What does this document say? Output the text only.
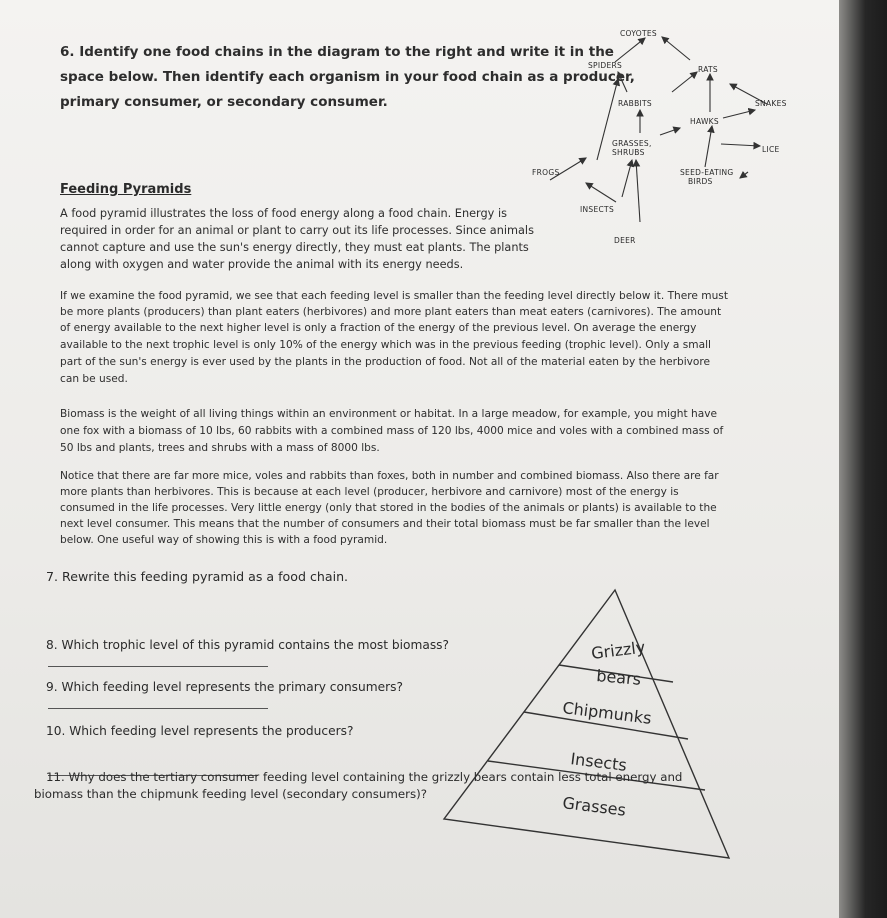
6. Identify one food chains in the diagram to the right and write it in the

space below. Then identify each organism in your food chain as a producer,

primary consumer, or secondary consumer.

COYOTES
SPIDERS	RATS
RABBITS	SNAKES
HAWKS
GRASSES,
SHRUBS	LICE
FROGS	SEED-EATING
BIRDS
INSECTS
DEER
Grizzly
bears
Chipmunks
Insects
Grasses

Feeding Pyramids

A food pyramid illustrates the loss of food energy along a food chain. Energy is

required in order for an animal or plant to carry out its life processes. Since animals

cannot capture and use the sun's energy directly, they must eat plants. The plants

along with oxygen and water provide the animal with its energy needs.

If we examine the food pyramid, we see that each feeding level is smaller than the feeding level directly below it. There must

be more plants (producers) than plant eaters (herbivores) and more plant eaters than meat eaters (carnivores). The amount

of energy available to the next higher level is only a fraction of the energy of the previous level. On average the energy

available to the next trophic level is only 10% of the energy which was in the previous feeding (trophic level). Only a small

part of the sun's energy is ever used by the plants in the production of food. Not all of the material eaten by the herbivore

can be used.

Biomass is the weight of all living things within an environment or habitat. In a large meadow, for example, you might have

one fox with a biomass of 10 lbs, 60 rabbits with a combined mass of 120 lbs, 4000 mice and voles with a combined mass of

50 lbs and plants, trees and shrubs with a mass of 8000 lbs.

Notice that there are far more mice, voles and rabbits than foxes, both in number and combined biomass. Also there are far

more plants than herbivores. This is because at each level (producer, herbivore and carnivore) most of the energy is

consumed in the life processes. Very little energy (only that stored in the bodies of the animals or plants) is available to the

next level consumer. This means that the number of consumers and their total biomass must be far smaller than the level

below. One useful way of showing this is with a food pyramid.

7. Rewrite this feeding pyramid as a food chain.

8. Which trophic level of this pyramid contains the most biomass?

9. Which feeding level represents the primary consumers?

10. Which feeding level represents the producers?

11. Why does the tertiary consumer feeding level containing the grizzly bears contain less total energy and

biomass than the chipmunk feeding level (secondary consumers)?
